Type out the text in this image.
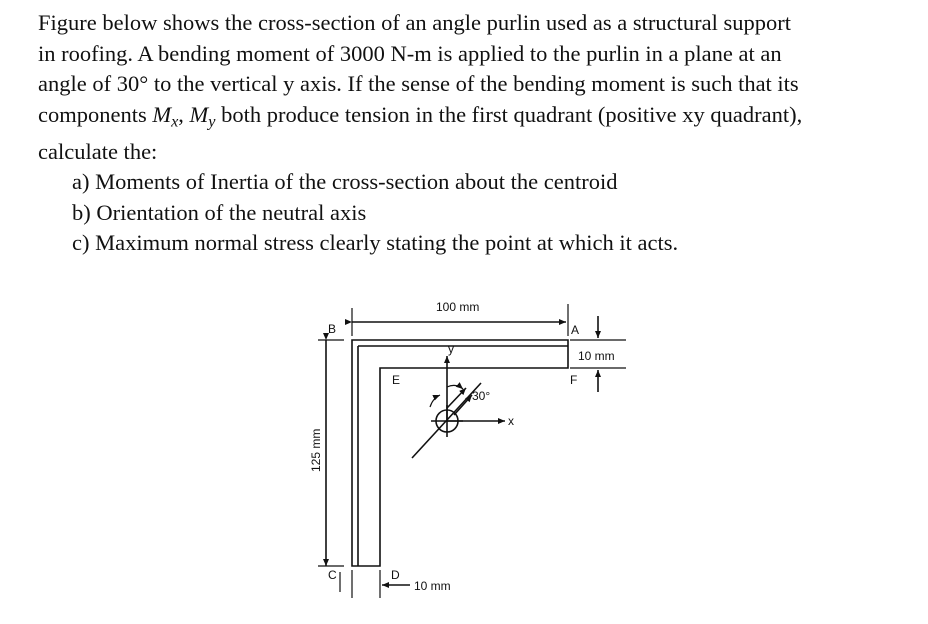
Figure below shows the cross-section of an angle purlin used as a structural support
in roofing. A bending moment of 3000 N-m is applied to the purlin in a plane at an
angle of 30° to the vertical y axis. If the sense of the bending moment is such that its
components $M_x$, $M_y$ both produce tension in the first quadrant (positive xy quadrant),
calculate the:

a) Moments of Inertia of the cross-section about the centroid
b) Orientation of the neutral axis
c) Maximum normal stress clearly stating the point at which it acts.
100 mm
10 mm
10 mm
125 mm
30°
x
y
A
B
C	D
E	F
